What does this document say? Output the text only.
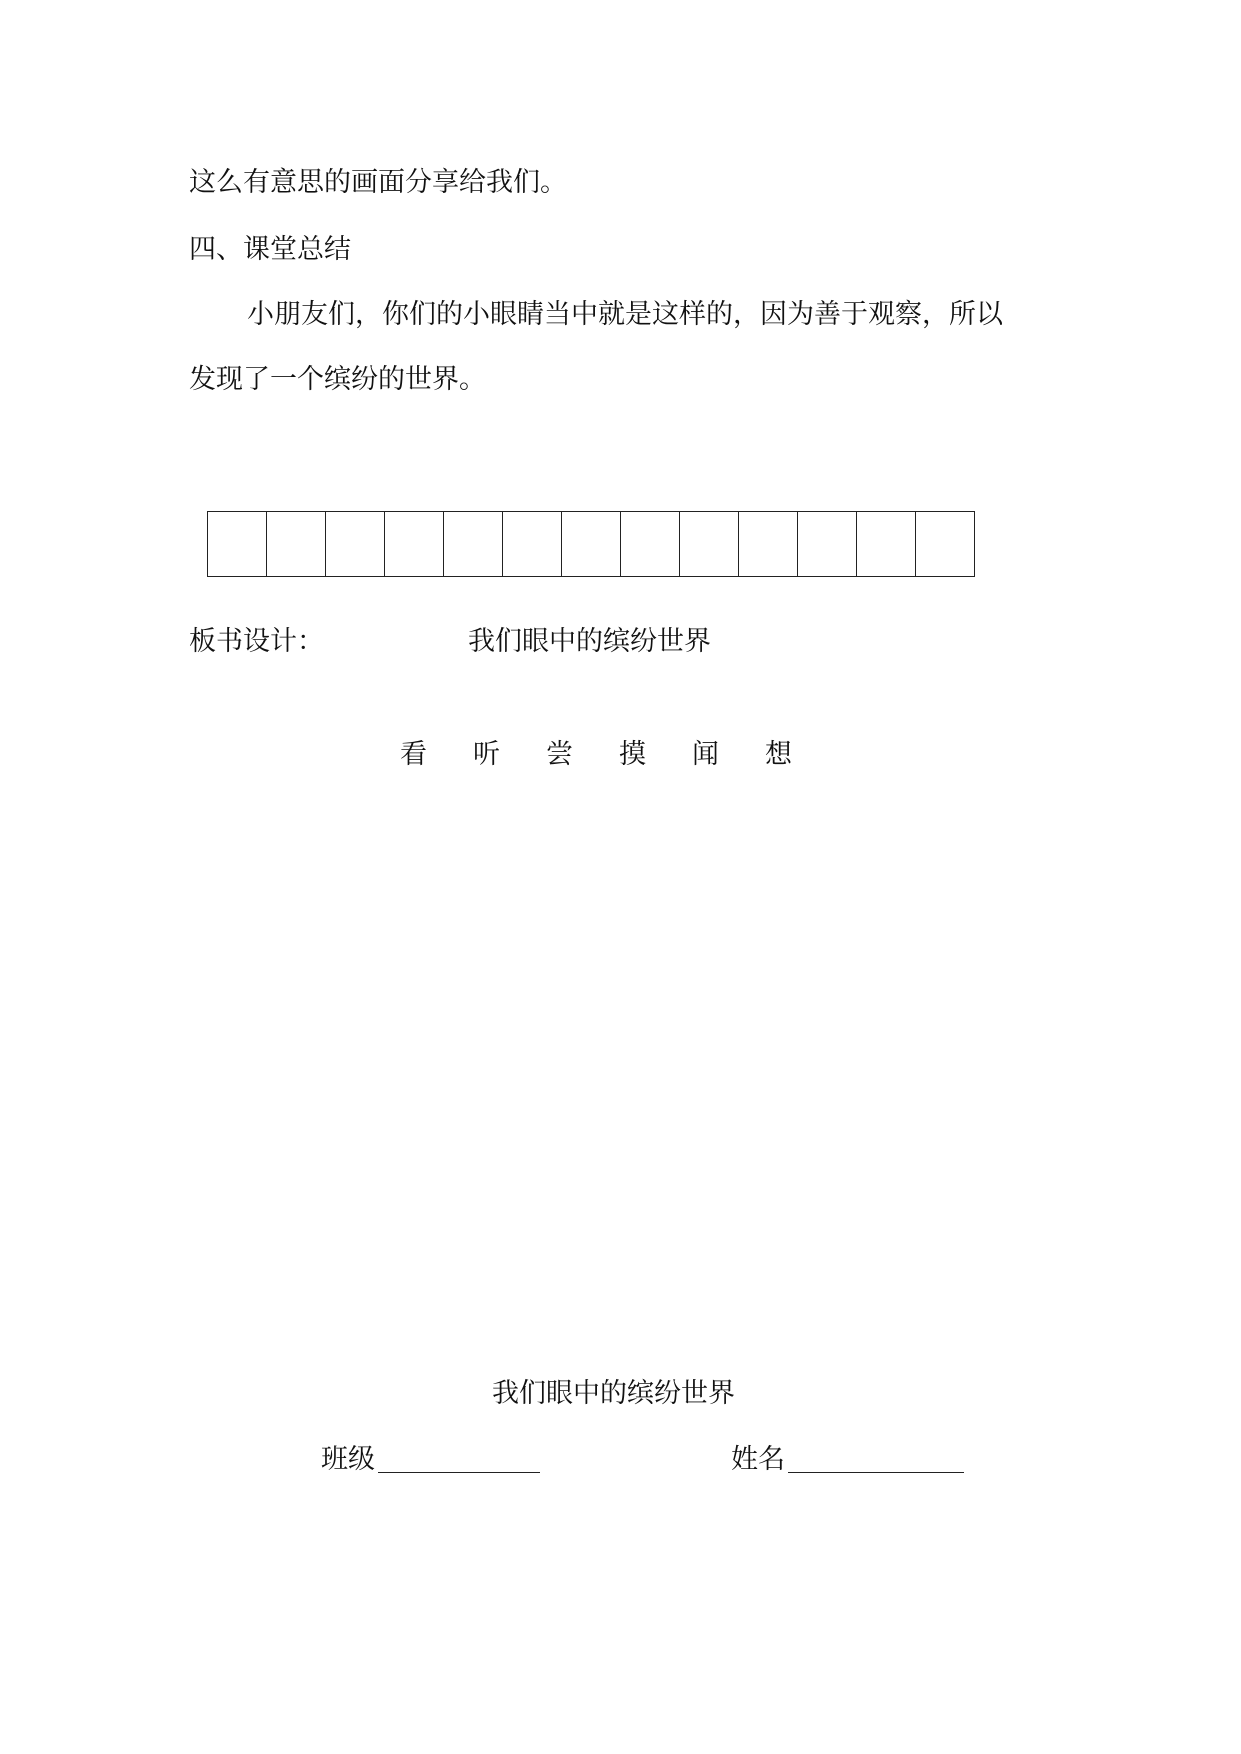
这么有意思的画面分享给我们。

四、课堂总结

小朋友们，你们的小眼睛当中就是这样的，因为善于观察，所以

发现了一个缤纷的世界。

板书设计：	我们眼中的缤纷世界

看 听 尝 摸 闻 想

我们眼中的缤纷世界

班级	姓名
